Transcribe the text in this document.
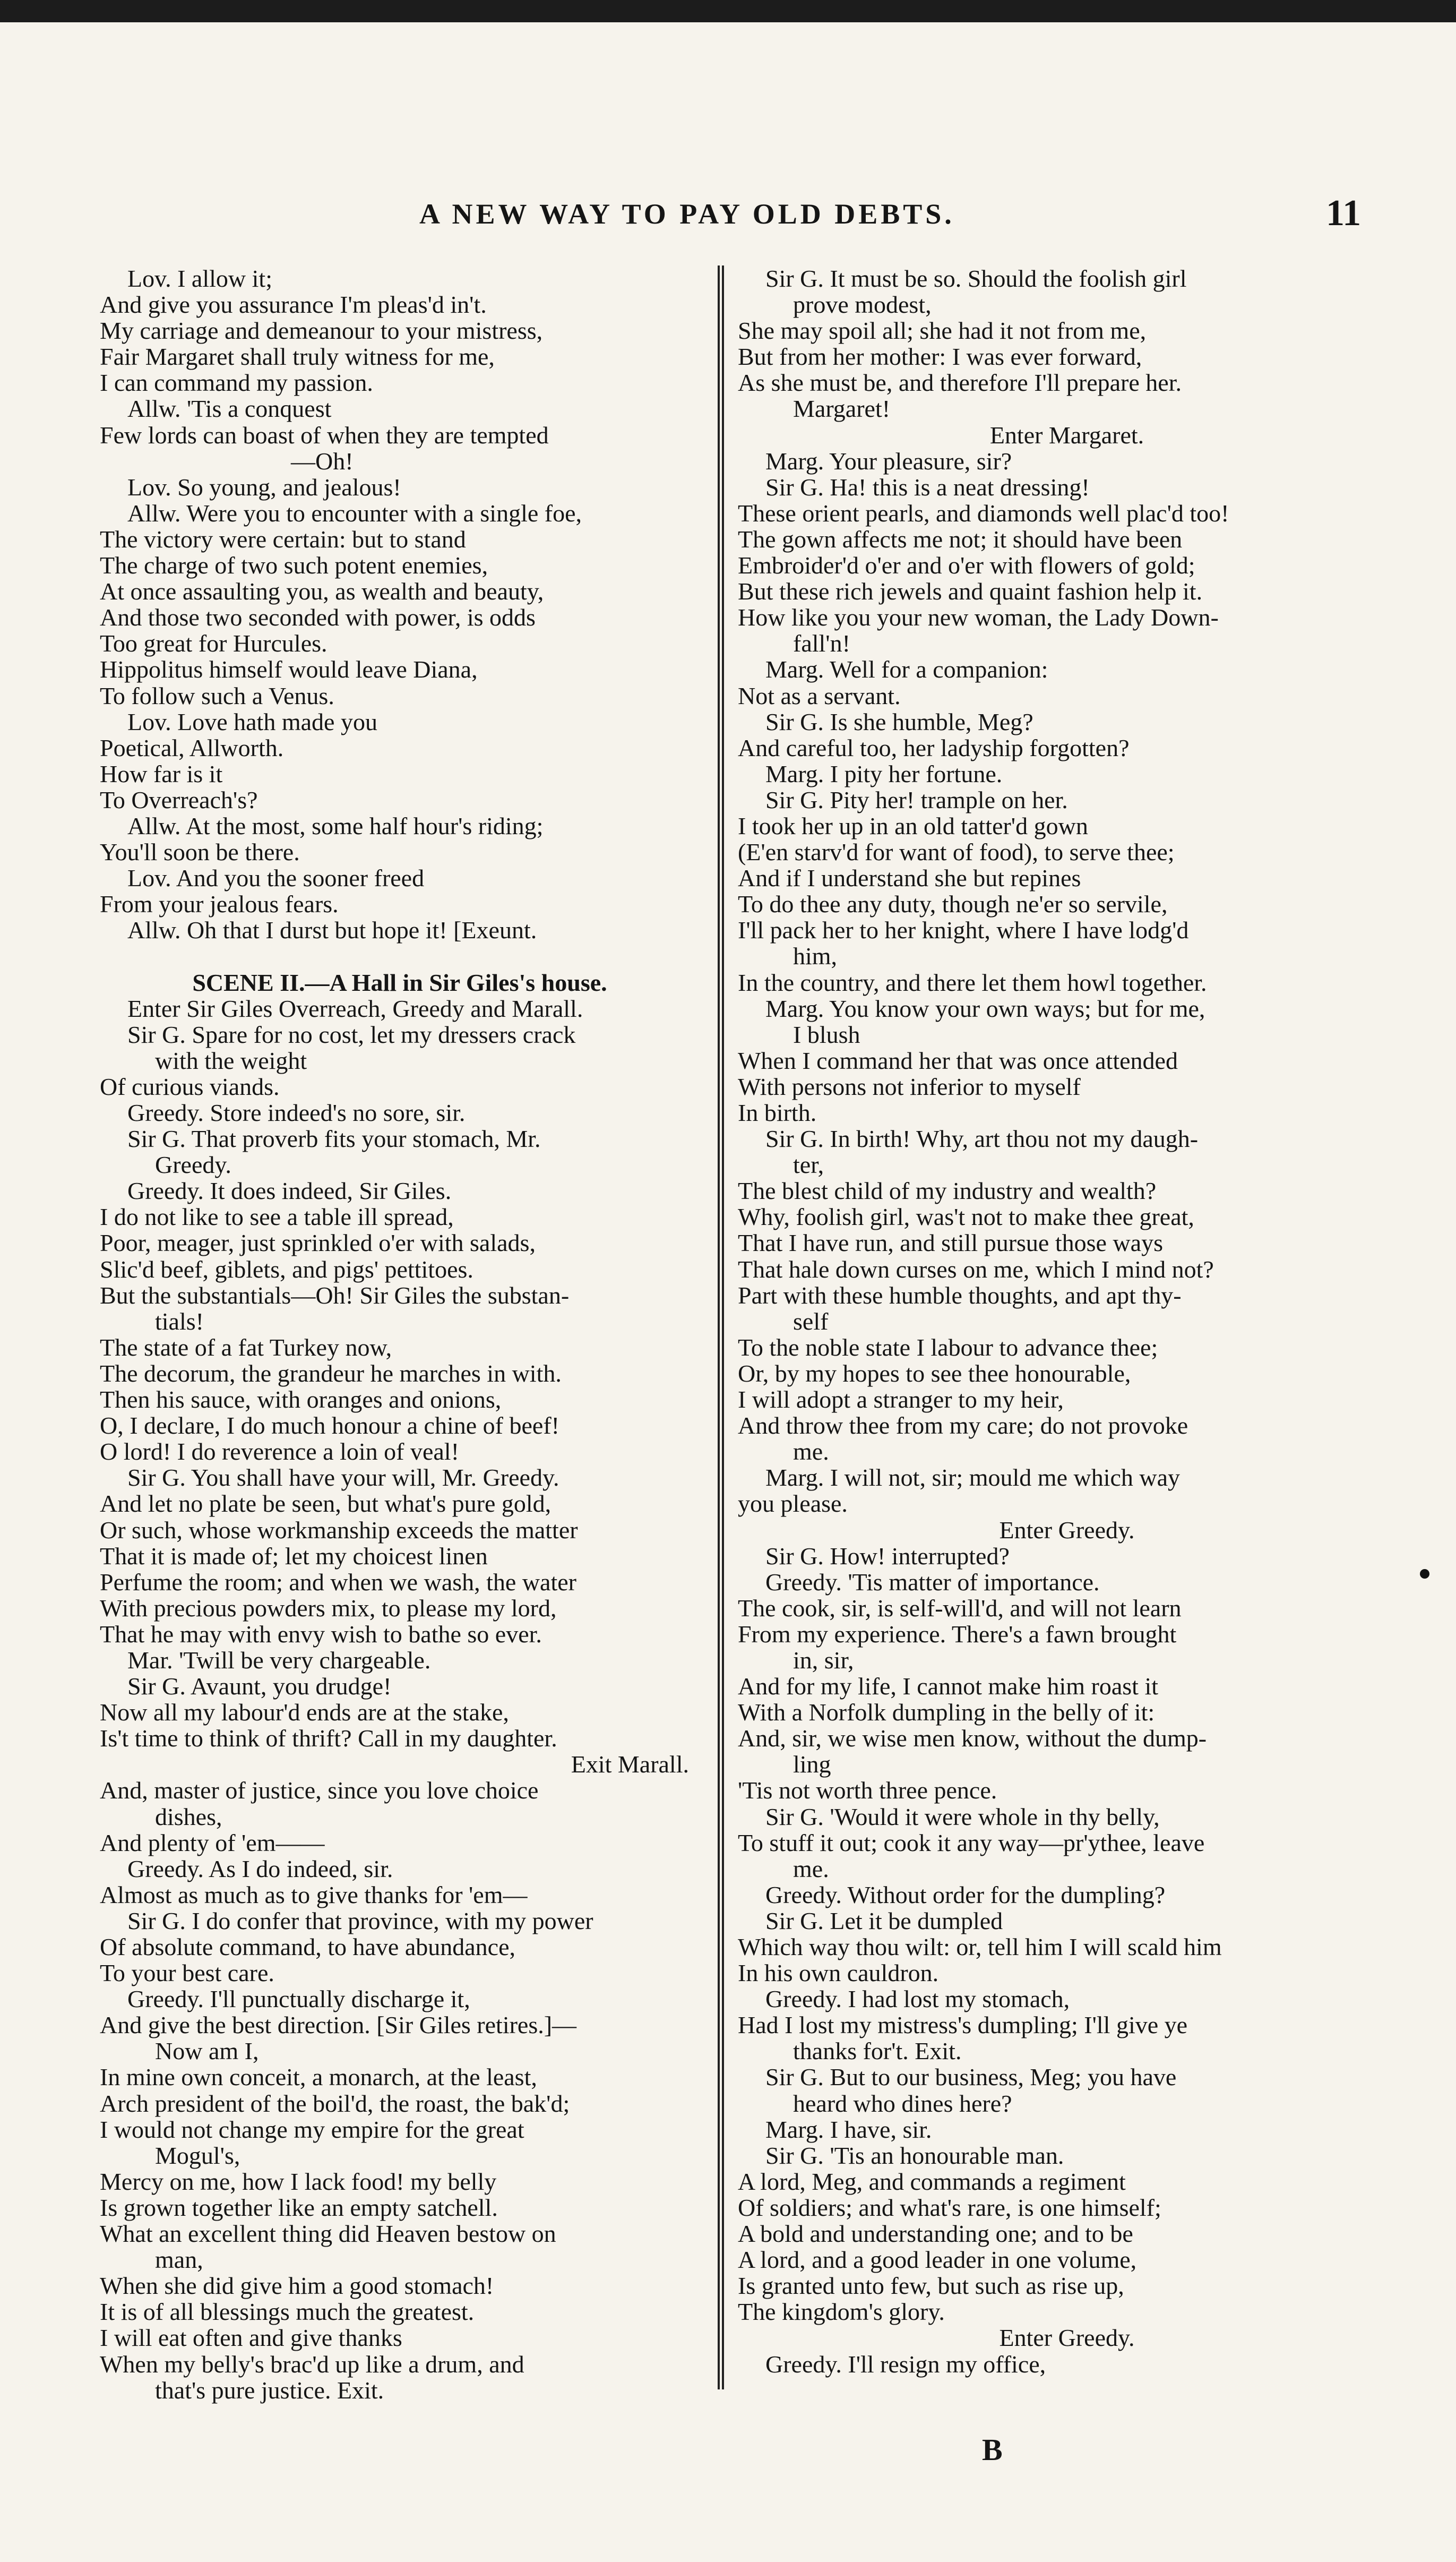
A NEW WAY TO PAY OLD DEBTS.	11
Lov. I allow it;
And give you assurance I'm pleas'd in't.
My carriage and demeanour to your mistress,
Fair Margaret shall truly witness for me,
I can command my passion.
Allw. 'Tis a conquest
Few lords can boast of when they are tempted
—Oh!
Lov. So young, and jealous!
Allw. Were you to encounter with a single foe,
The victory were certain: but to stand
The charge of two such potent enemies,
At once assaulting you, as wealth and beauty,
And those two seconded with power, is odds
Too great for Hurcules.
Hippolitus himself would leave Diana,
To follow such a Venus.
Lov. Love hath made you
Poetical, Allworth.
How far is it
To Overreach's?
Allw. At the most, some half hour's riding;
You'll soon be there.
Lov. And you the sooner freed
From your jealous fears.
Allw. Oh that I durst but hope it! [Exeunt.
SCENE II.—A Hall in Sir Giles's house.
Enter Sir Giles Overreach, Greedy and Marall.
Sir G. Spare for no cost, let my dressers crack
with the weight
Of curious viands.
Greedy. Store indeed's no sore, sir.
Sir G. That proverb fits your stomach, Mr.
Greedy.
Greedy. It does indeed, Sir Giles.
I do not like to see a table ill spread,
Poor, meager, just sprinkled o'er with salads,
Slic'd beef, giblets, and pigs' pettitoes.
But the substantials—Oh! Sir Giles the substan-
tials!
The state of a fat Turkey now,
The decorum, the grandeur he marches in with.
Then his sauce, with oranges and onions,
O, I declare, I do much honour a chine of beef!
O lord! I do reverence a loin of veal!
Sir G. You shall have your will, Mr. Greedy.
And let no plate be seen, but what's pure gold,
Or such, whose workmanship exceeds the matter
That it is made of; let my choicest linen
Perfume the room; and when we wash, the water
With precious powders mix, to please my lord,
That he may with envy wish to bathe so ever.
Mar. 'Twill be very chargeable.
Sir G. Avaunt, you drudge!
Now all my labour'd ends are at the stake,
Is't time to think of thrift? Call in my daughter.
Exit Marall.
And, master of justice, since you love choice
dishes,
And plenty of 'em——
Greedy. As I do indeed, sir.
Almost as much as to give thanks for 'em—
Sir G. I do confer that province, with my power
Of absolute command, to have abundance,
To your best care.
Greedy. I'll punctually discharge it,
And give the best direction. [Sir Giles retires.]—
Now am I,
In mine own conceit, a monarch, at the least,
Arch president of the boil'd, the roast, the bak'd;
I would not change my empire for the great
Mogul's,
Mercy on me, how I lack food! my belly
Is grown together like an empty satchell.
What an excellent thing did Heaven bestow on
man,
When she did give him a good stomach!
It is of all blessings much the greatest.
I will eat often and give thanks
When my belly's brac'd up like a drum, and
that's pure justice. Exit.
Sir G. It must be so. Should the foolish girl
prove modest,
She may spoil all; she had it not from me,
But from her mother: I was ever forward,
As she must be, and therefore I'll prepare her.
Margaret!
Enter Margaret.
Marg. Your pleasure, sir?
Sir G. Ha! this is a neat dressing!
These orient pearls, and diamonds well plac'd too!
The gown affects me not; it should have been
Embroider'd o'er and o'er with flowers of gold;
But these rich jewels and quaint fashion help it.
How like you your new woman, the Lady Down-
fall'n!
Marg. Well for a companion:
Not as a servant.
Sir G. Is she humble, Meg?
And careful too, her ladyship forgotten?
Marg. I pity her fortune.
Sir G. Pity her! trample on her.
I took her up in an old tatter'd gown
(E'en starv'd for want of food), to serve thee;
And if I understand she but repines
To do thee any duty, though ne'er so servile,
I'll pack her to her knight, where I have lodg'd
him,
In the country, and there let them howl together.
Marg. You know your own ways; but for me,
I blush
When I command her that was once attended
With persons not inferior to myself
In birth.
Sir G. In birth! Why, art thou not my daugh-
ter,
The blest child of my industry and wealth?
Why, foolish girl, was't not to make thee great,
That I have run, and still pursue those ways
That hale down curses on me, which I mind not?
Part with these humble thoughts, and apt thy-
self
To the noble state I labour to advance thee;
Or, by my hopes to see thee honourable,
I will adopt a stranger to my heir,
And throw thee from my care; do not provoke
me.
Marg. I will not, sir; mould me which way
you please.
Enter Greedy.
Sir G. How! interrupted?
Greedy. 'Tis matter of importance.
The cook, sir, is self-will'd, and will not learn
From my experience. There's a fawn brought
in, sir,
And for my life, I cannot make him roast it
With a Norfolk dumpling in the belly of it:
And, sir, we wise men know, without the dump-
ling
'Tis not worth three pence.
Sir G. 'Would it were whole in thy belly,
To stuff it out; cook it any way—pr'ythee, leave
me.
Greedy. Without order for the dumpling?
Sir G. Let it be dumpled
Which way thou wilt: or, tell him I will scald him
In his own cauldron.
Greedy. I had lost my stomach,
Had I lost my mistress's dumpling; I'll give ye
thanks for't. Exit.
Sir G. But to our business, Meg; you have
heard who dines here?
Marg. I have, sir.
Sir G. 'Tis an honourable man.
A lord, Meg, and commands a regiment
Of soldiers; and what's rare, is one himself;
A bold and understanding one; and to be
A lord, and a good leader in one volume,
Is granted unto few, but such as rise up,
The kingdom's glory.
Enter Greedy.
Greedy. I'll resign my office,
B
